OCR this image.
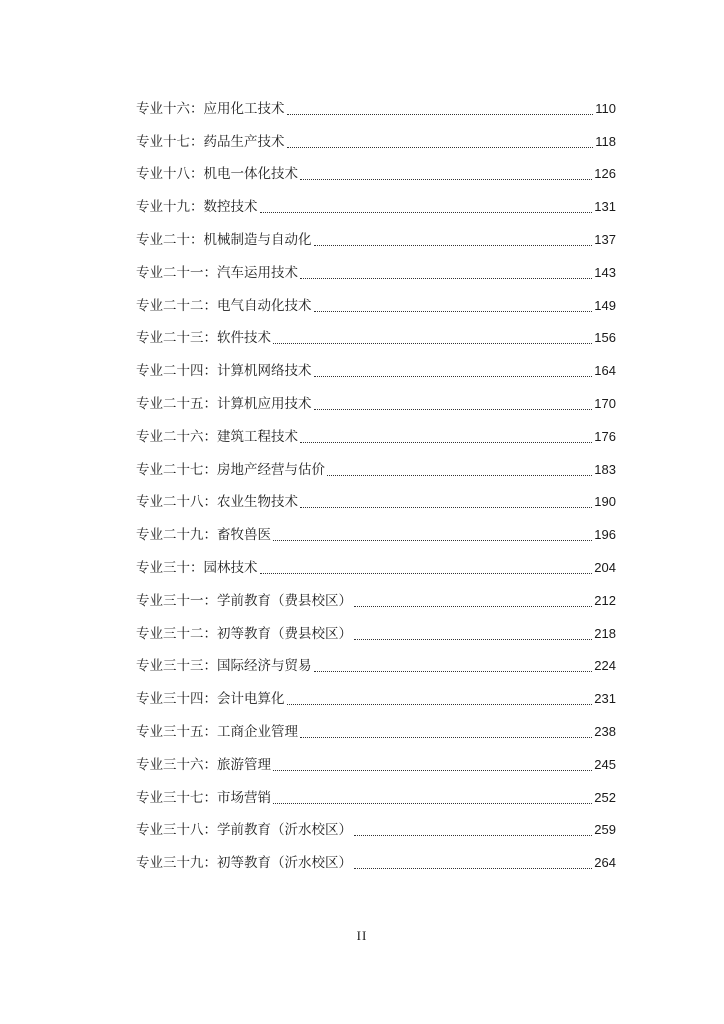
专业十六：应用化工技术	110
专业十七：药品生产技术	118
专业十八：机电一体化技术	126
专业十九：数控技术	131
专业二十：机械制造与自动化	137
专业二十一：汽车运用技术	143
专业二十二：电气自动化技术	149
专业二十三：软件技术	156
专业二十四：计算机网络技术	164
专业二十五：计算机应用技术	170
专业二十六：建筑工程技术	176
专业二十七：房地产经营与估价	183
专业二十八：农业生物技术	190
专业二十九：畜牧兽医	196
专业三十：园林技术	204
专业三十一：学前教育（费县校区）	212
专业三十二：初等教育（费县校区）	218
专业三十三：国际经济与贸易	224
专业三十四：会计电算化	231
专业三十五：工商企业管理	238
专业三十六：旅游管理	245
专业三十七：市场营销	252
专业三十八：学前教育（沂水校区）	259
专业三十九：初等教育（沂水校区）	264
II
